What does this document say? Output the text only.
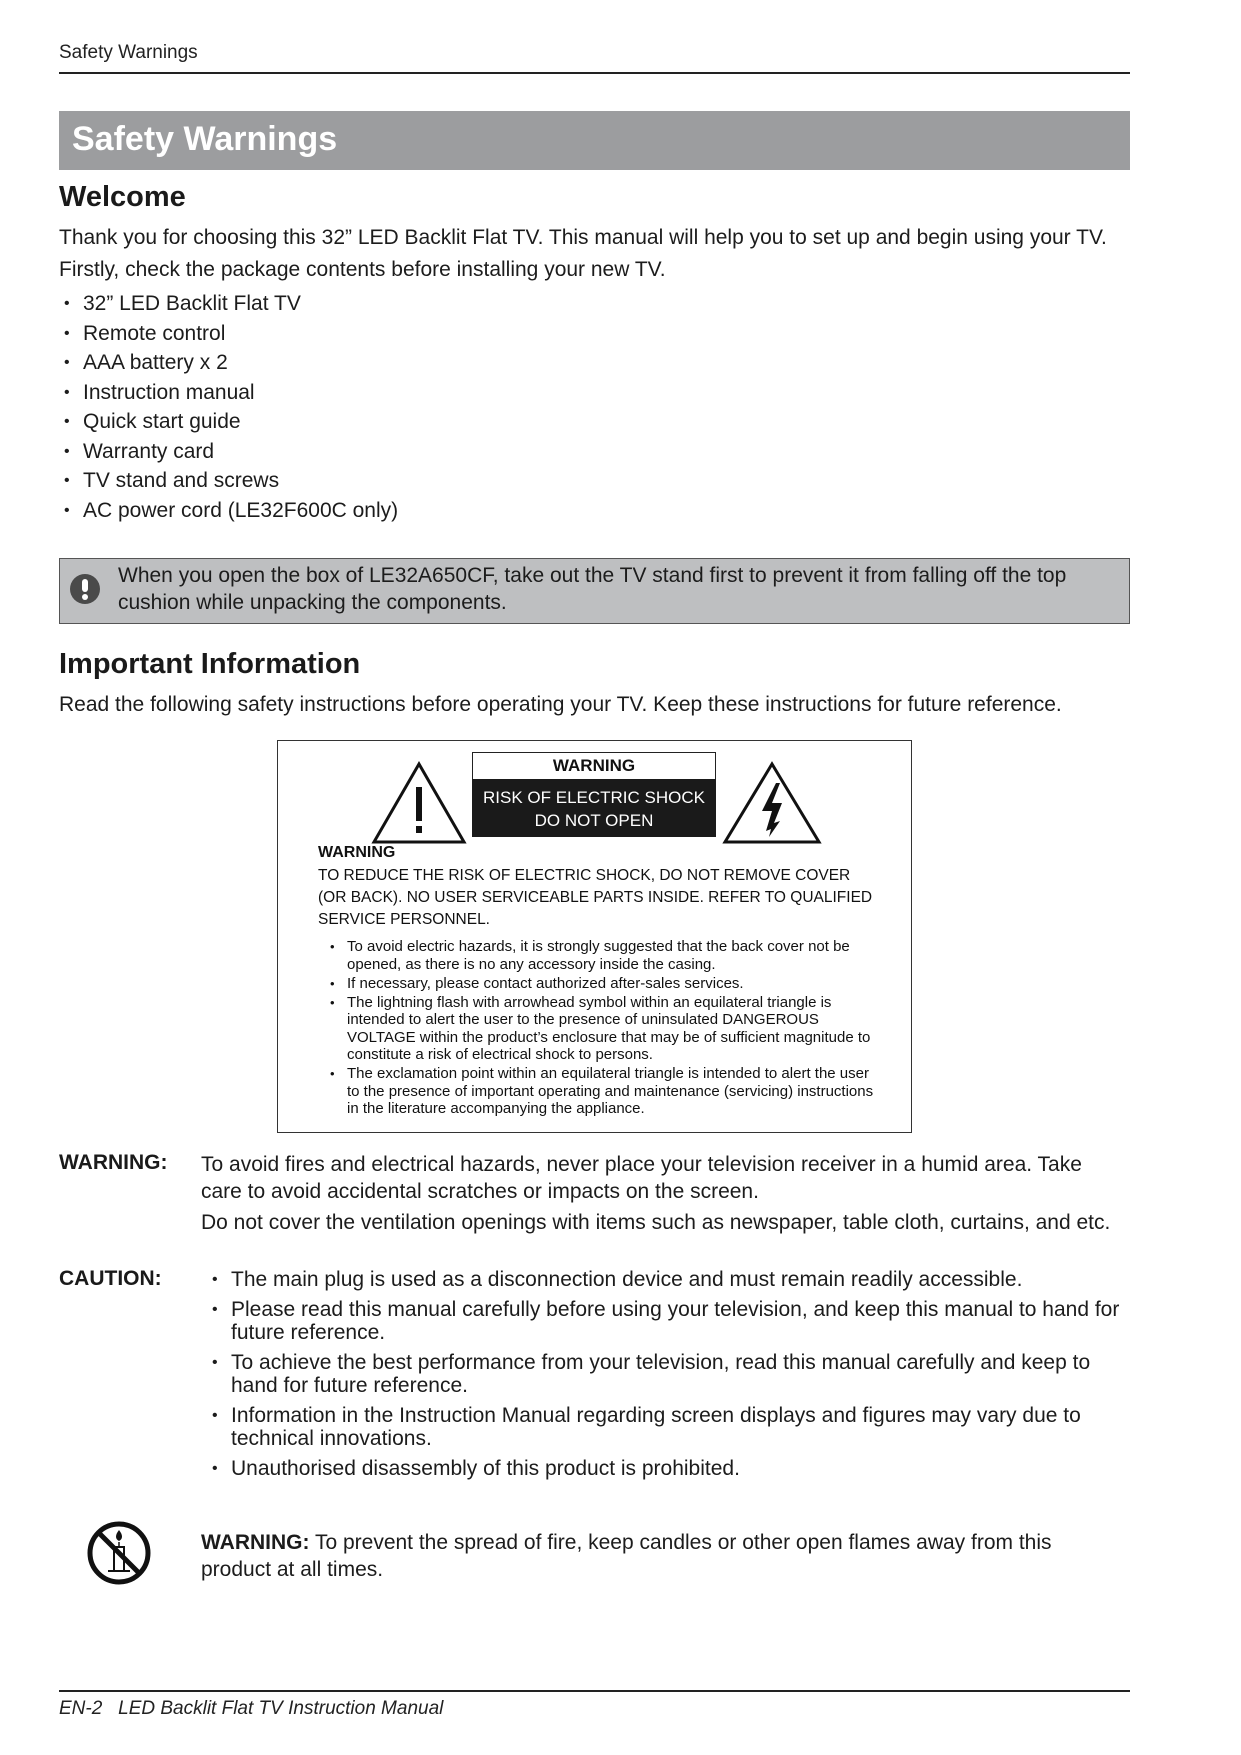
Safety Warnings
Safety Warnings
Welcome
Thank you for choosing this 32” LED Backlit Flat TV. This manual will help you to set up and begin using your TV.
Firstly, check the package contents before installing your new TV.
• 32” LED Backlit Flat TV
• Remote control
• AAA battery x 2
• Instruction manual
• Quick start guide
• Warranty card
• TV stand and screws
• AC power cord (LE32F600C only)
When you open the box of LE32A650CF, take out the TV stand first to prevent it from falling off the top cushion while unpacking the components.
Important Information
Read the following safety instructions before operating your TV. Keep these instructions for future reference.
WARNING
RISK OF ELECTRIC SHOCK
DO NOT OPEN
WARNING
TO REDUCE THE RISK OF ELECTRIC SHOCK, DO NOT REMOVE COVER (OR BACK). NO USER SERVICEABLE PARTS INSIDE. REFER TO QUALIFIED SERVICE PERSONNEL.
• To avoid electric hazards, it is strongly suggested that the back cover not be opened, as there is no any accessory inside the casing.
• If necessary, please contact authorized after-sales services.
• The lightning flash with arrowhead symbol within an equilateral triangle is intended to alert the user to the presence of uninsulated DANGEROUS VOLTAGE within the product’s enclosure that may be of sufficient magnitude to constitute a risk of electrical shock to persons.
• The exclamation point within an equilateral triangle is intended to alert the user to the presence of important operating and maintenance (servicing) instructions in the literature accompanying the appliance.
WARNING: To avoid fires and electrical hazards, never place your television receiver in a humid area. Take care to avoid accidental scratches or impacts on the screen.
Do not cover the ventilation openings with items such as newspaper, table cloth, curtains, and etc.
CAUTION:
•	The main plug is used as a disconnection device and must remain readily accessible.
• Please read this manual carefully before using your television, and keep this manual to hand for future reference.
• To achieve the best performance from your television, read this manual carefully and keep to hand for future reference.
• Information in the Instruction Manual regarding screen displays and figures may vary due to technical innovations.
• Unauthorised disassembly of this product is prohibited.
WARNING: To prevent the spread of fire, keep candles or other open flames away from this product at all times.
EN-2   LED Backlit Flat TV Instruction Manual
